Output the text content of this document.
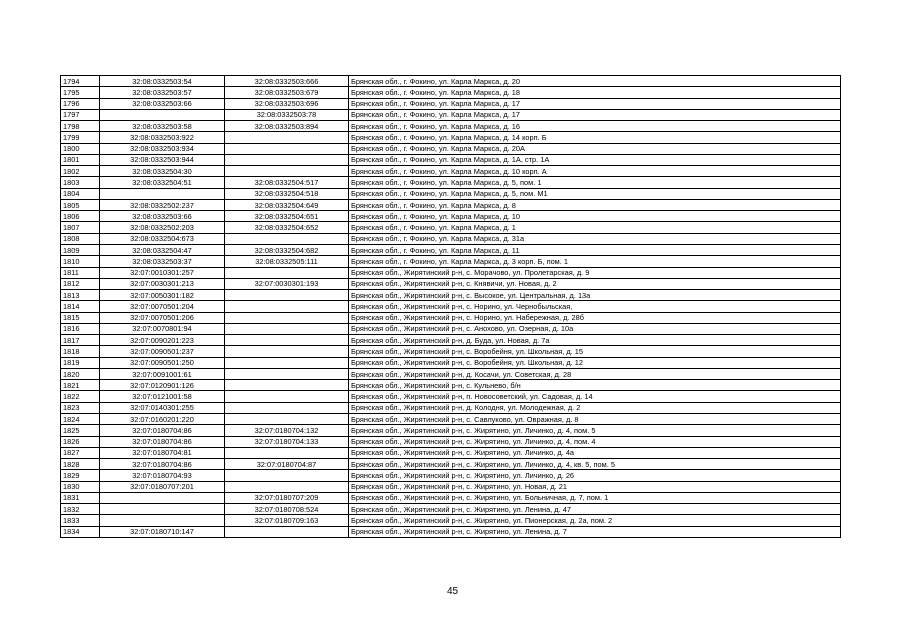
1794	32:08:0332503:54	32:08:0332503:666	Брянская обл., г. Фокино, ул. Карла Маркса, д. 20
1795	32:08:0332503:57	32:08:0332503:679	Брянская обл., г. Фокино, ул. Карла Маркса, д. 18
1796	32:08:0332503:66	32:08:0332503:696	Брянская обл., г. Фокино, ул. Карла Маркса, д. 17
1797		32:08:0332503:78	Брянская обл., г. Фокино, ул. Карла Маркса, д. 17
1798	32:08:0332503:58	32:08:0332503:894	Брянская обл., г. Фокино, ул. Карла Маркса, д. 16
1799	32:08:0332503:922		Брянская обл., г. Фокино, ул. Карла Маркса, д. 14 корп. Б
1800	32:08:0332503:934		Брянская обл., г. Фокино, ул. Карла Маркса, д. 20А
1801	32:08:0332503:944		Брянская обл., г. Фокино, ул. Карла Маркса, д. 1А, стр. 1А
1802	32:08:0332504:30		Брянская обл., г. Фокино, ул. Карла Маркса, д. 10 корп. А
1803	32:08:0332504:51	32:08:0332504:517	Брянская обл., г. Фокино, ул. Карла Маркса, д. 5, пом. 1
1804		32:08:0332504:518	Брянская обл., г. Фокино, ул. Карла Маркса, д. 5, пом. М1
1805	32:08:0332502:237	32:08:0332504:649	Брянская обл., г. Фокино, ул. Карла Маркса, д. 8
1806	32:08:0332503:66	32:08:0332504:651	Брянская обл., г. Фокино, ул. Карла Маркса, д. 10
1807	32:08:0332502:203	32:08:0332504:652	Брянская обл., г. Фокино, ул. Карла Маркса, д. 1
1808	32:08:0332504:673		Брянская обл., г. Фокино, ул. Карла Маркса, д. 31а
1809	32:08:0332504:47	32:08:0332504:682	Брянская обл., г. Фокино, ул. Карла Маркса, д. 11
1810	32:08:0332503:37	32:08:0332505:111	Брянская обл., г. Фокино, ул. Карла Маркса, д. 3 корп. Б, пом. 1
1811	32:07:0010301:257		Брянская обл., Жирятинский р-н, с. Морачово, ул. Пролетарская, д. 9
1812	32:07:0030301:213	32:07:0030301:193	Брянская обл., Жирятинский р-н, с. Княвичи, ул. Новая, д. 2
1813	32:07:0050301:182		Брянская обл., Жирятинский р-н, с. Высокое, ул. Центральная, д. 13а
1814	32:07:0070501:204		Брянская обл., Жирятинский р-н, с. Норино, ул. Чернобыльская,
1815	32:07:0070501:206		Брянская обл., Жирятинский р-н, с. Норино, ул. Набережная, д. 28б
1816	32:07:0070801:94		Брянская обл., Жирятинский р-н, с. Анохово, ул. Озерная, д. 10а
1817	32:07:0090201:223		Брянская обл., Жирятинский р-н, д. Буда, ул. Новая, д. 7а
1818	32:07:0090501:237		Брянская обл., Жирятинский р-н, с. Воробейня, ул. Школьная, д. 15
1819	32:07:0090501:250		Брянская обл., Жирятинский р-н, с. Воробейня, ул. Школьная, д. 12
1820	32:07:0091001:61		Брянская обл., Жирятинский р-н, д. Косачи, ул. Советская, д. 28
1821	32:07:0120901:126		Брянская обл., Жирятинский р-н, с. Кульнево, б/н
1822	32:07:0121001:58		Брянская обл., Жирятинский р-н, п. Новосоветский, ул. Садовая, д. 14
1823	32:07:0140301:255		Брянская обл., Жирятинский р-н, д. Колодня, ул. Молодежная, д. 2
1824	32:07:0160201:220		Брянская обл., Жирятинский р-н, с. Савлуково, ул. Овражная, д. 8
1825	32:07:0180704:86	32:07:0180704:132	Брянская обл., Жирятинский р-н, с. Жирятино, ул. Личинко, д. 4, пом. 5
1826	32:07:0180704:86	32:07:0180704:133	Брянская обл., Жирятинский р-н, с. Жирятино, ул. Личинко, д. 4, пом. 4
1827	32:07:0180704:81		Брянская обл., Жирятинский р-н, с. Жирятино, ул. Личинко, д. 4а
1828	32:07:0180704:86	32:07:0180704:87	Брянская обл., Жирятинский р-н, с. Жирятино, ул. Личинко, д. 4, кв. 5, пом. 5
1829	32:07:0180704:93		Брянская обл., Жирятинский р-н, с. Жирятино, ул. Личинко, д. 26
1830	32:07:0180707:201		Брянская обл., Жирятинский р-н, с. Жирятино, ул. Новая, д. 21
1831		32:07:0180707:209	Брянская обл., Жирятинский р-н, с. Жирятино, ул. Больничная, д. 7, пом. 1
1832		32:07:0180708:524	Брянская обл., Жирятинский р-н, с. Жирятино, ул. Ленина, д. 47
1833		32:07:0180709:163	Брянская обл., Жирятинский р-н, с. Жирятино, ул. Пионерская, д. 2а, пом. 2
1834	32:07:0180710:147		Брянская обл., Жирятинский р-н, с. Жирятино, ул. Ленина, д. 7
45
